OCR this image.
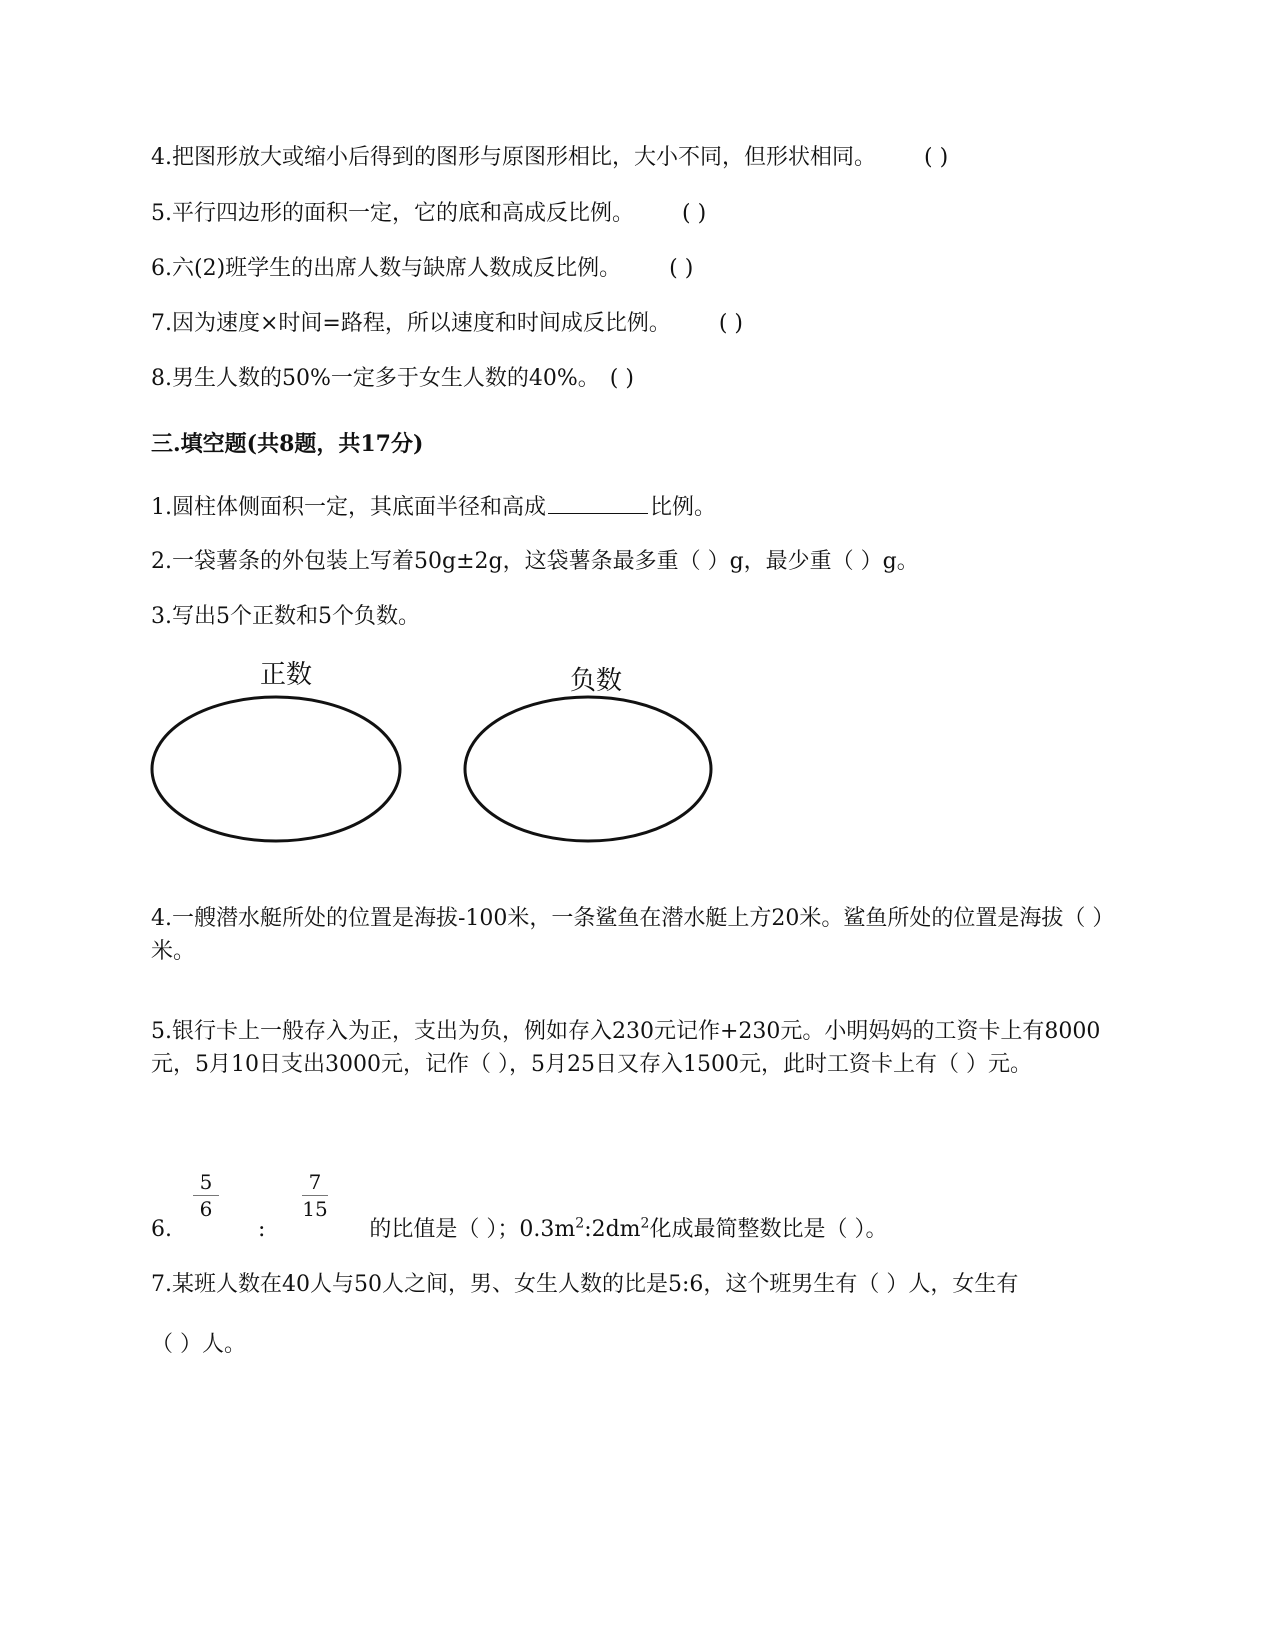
4.把图形放大或缩小后得到的图形与原图形相比，大小不同，但形状相同。 ( )
5.平行四边形的面积一定，它的底和高成反比例。 ( )
6.六(2)班学生的出席人数与缺席人数成反比例。 ( )
7.因为速度×时间=路程，所以速度和时间成反比例。 ( )
8.男生人数的50%一定多于女生人数的40%。 ( )
三.填空题(共8题，共17分)
1.圆柱体侧面积一定，其底面半径和高成	比例。
2.一袋薯条的外包装上写着50g±2g，这袋薯条最多重（ ）g，最少重（ ）g。
3.写出5个正数和5个负数。
正数	负数
4.一艘潜水艇所处的位置是海拔-100米，一条鲨鱼在潜水艇上方20米。鲨鱼所处的位置是海拔（ ）米。
5.银行卡上一般存入为正，支出为负，例如存入230元记作+230元。小明妈妈的工资卡上有8000元，5月10日支出3000元，记作（ ），5月25日又存入1500元，此时工资卡上有（ ）元。
5
6
7
15
6.	:	的比值是（ ）；$0.3m^2:2dm^2$化成最简整数比是（ ）。
7.某班人数在40人与50人之间，男、女生人数的比是5:6，这个班男生有（ ）人，女生有
（ ）人。
